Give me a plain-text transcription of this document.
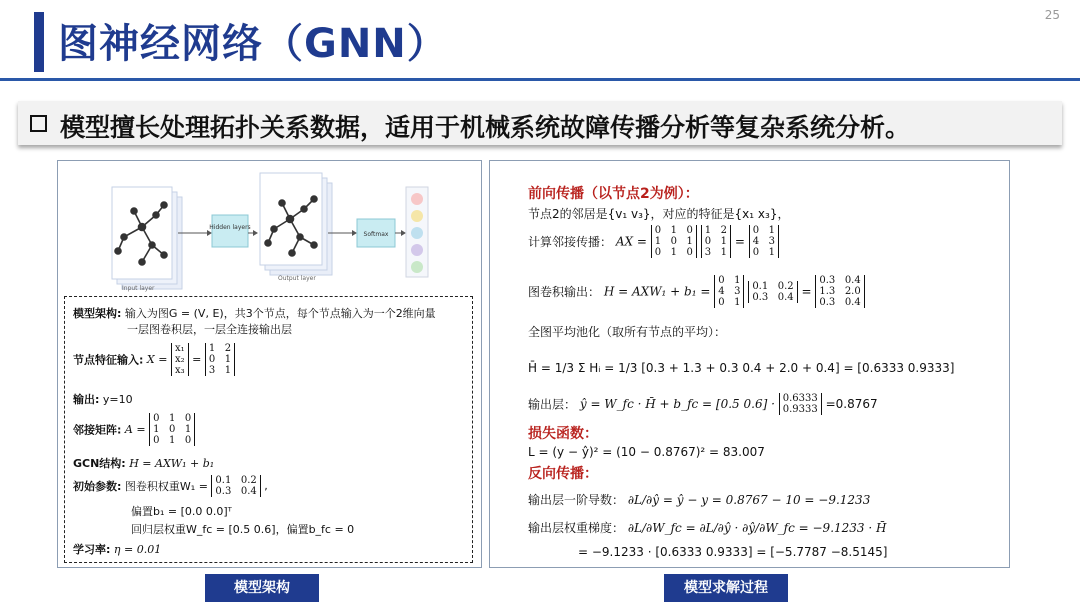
图神经网络（GNN）
25
模型擅长处理拓扑关系数据，适用于机械系统故障传播分析等复杂系统分析。
Input layer
Hidden layers
Output layer
Softmax
模型架构: 输入为图G = (V, E)，共3个节点，每个节点输入为一个2维向量
一层图卷积层，一层全连接输出层
节点特征输入: X =
x₁
x₂
x₃
=
1   2
0   1
3   1
输出: y=10
邻接矩阵: A =
0   1   0
1   0   1
0   1   0
GCN结构: H = AXW₁ + b₁
初始参数: 图卷积权重W₁ = 0.1   0.2
0.3   0.4 ,
偏置b₁ = [0.0 0.0]ᵀ
回归层权重W_fc = [0.5 0.6]，偏置b_fc = 0
学习率: η = 0.01
前向传播（以节点2为例）：
节点2的邻居是{v₁ v₃}，对应的特征是{x₁ x₃}，
计算邻接传播： AX =
0   1   0
1   0   1
0   1   0

1   2
0   1
3   1
=
0   1
4   3
0   1
图卷积输出： H = AXW₁ + b₁ =
0   1
4   3
0   1

0.1   0.2
0.3   0.4 =
0.3   0.4
1.3   2.0
0.3   0.4
全图平均池化（取所有节点的平均）：
H̄ = 1/3 Σ Hᵢ = 1/3 [0.3 + 1.3 + 0.3 0.4 + 2.0 + 0.4] = [0.6333 0.9333]
输出层： ŷ = W_fc · H̄ + b_fc = [0.5 0.6] · 0.6333
0.9333 =0.8767
损失函数：
L = (y − ŷ)² = (10 − 0.8767)² = 83.007
反向传播：
输出层一阶导数： ∂L/∂ŷ = ŷ − y = 0.8767 − 10 = −9.1233
输出层权重梯度： ∂L/∂W_fc = ∂L/∂ŷ · ∂ŷ/∂W_fc = −9.1233 · H̄
= −9.1233 · [0.6333 0.9333] = [−5.7787 −8.5145]
模型架构	模型求解过程
